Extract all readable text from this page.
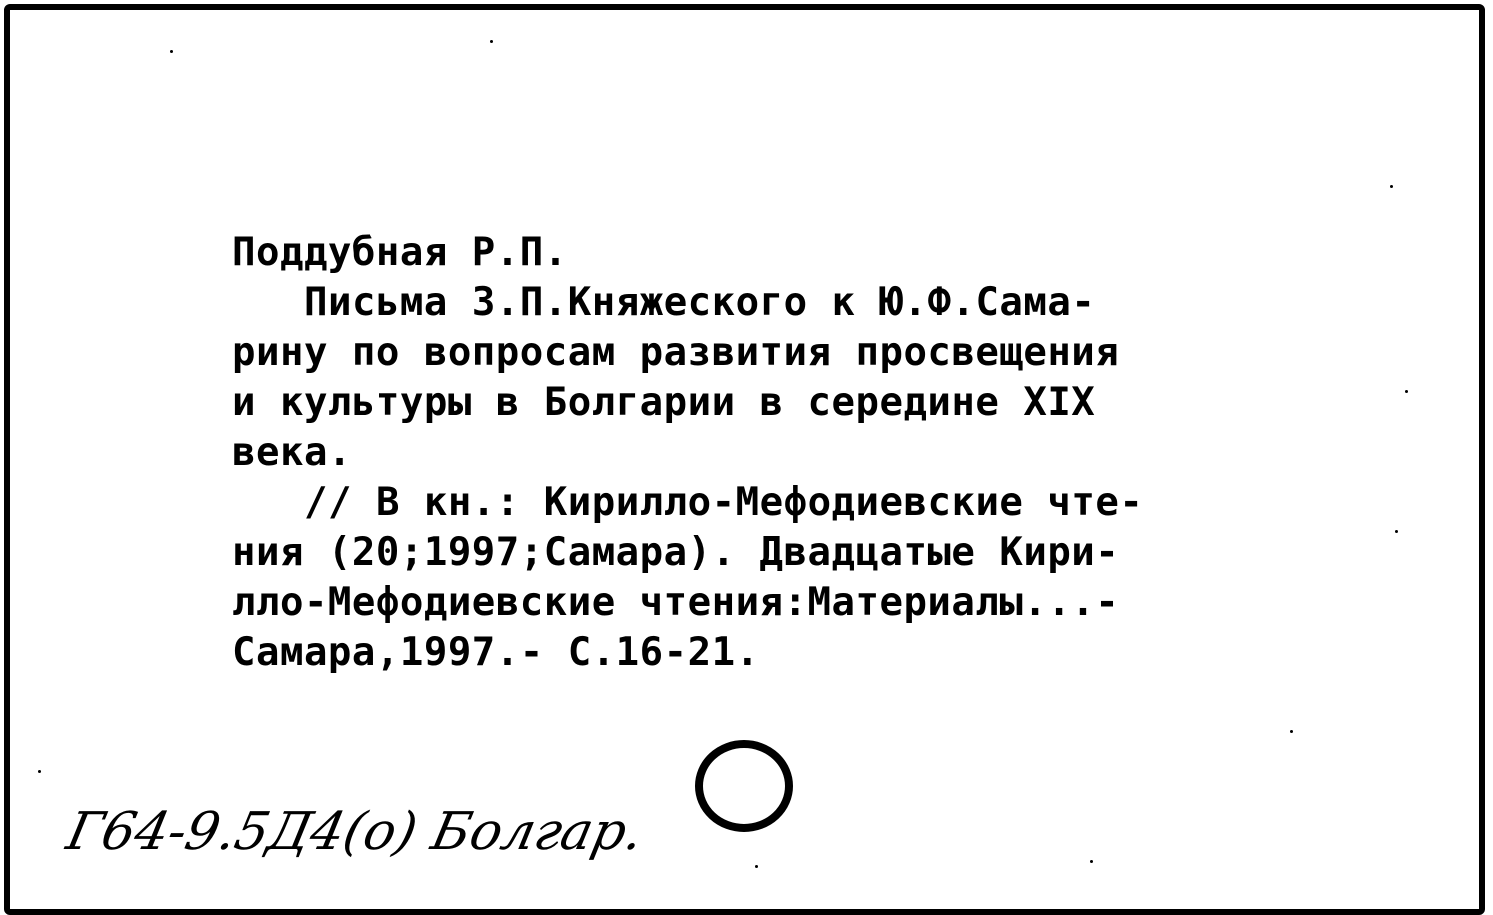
Поддубная Р.П.
Письма З.П.Княжеского к Ю.Ф.Сама-
рину по вопросам развития просвещения
и культуры в Болгарии в середине XIX
века.
// В кн.: Кирилло-Мефодиевские чте-
ния (20;1997;Самара). Двадцатые Кири-
лло-Мефодиевские чтения:Материалы...-
Самара,1997.- С.16-21.
Г64-9.5Д4(о) Болгар.
